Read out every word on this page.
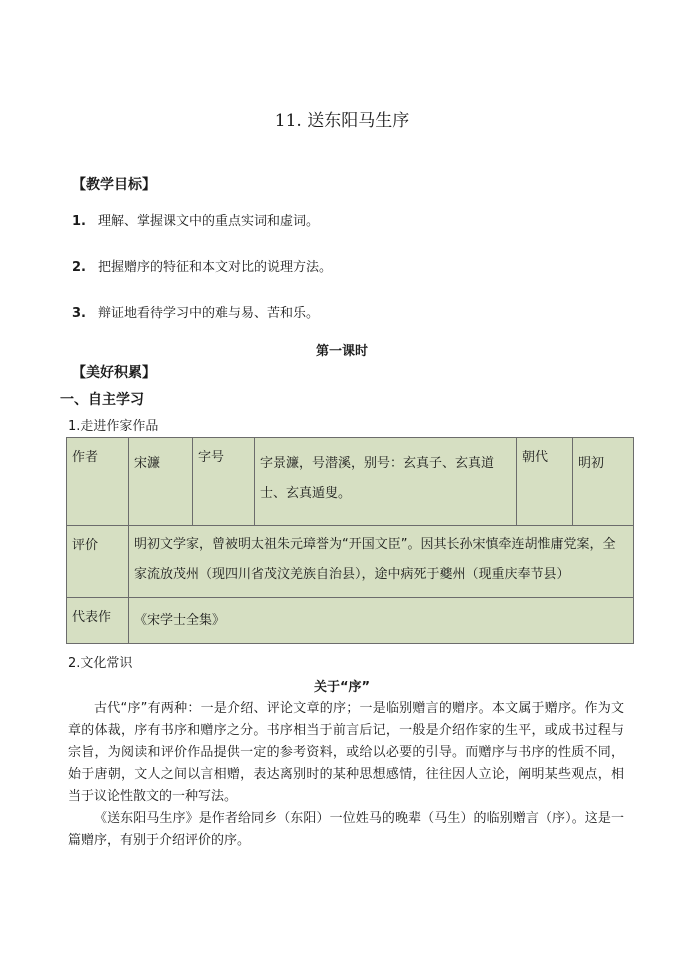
11. 送东阳马生序
【教学目标】
1. 理解、掌握课文中的重点实词和虚词。
2. 把握赠序的特征和本文对比的说理方法。
3. 辩证地看待学习中的难与易、苦和乐。
第一课时
【美好积累】
一、自主学习
1.走进作家作品
作者	宋濂	字号	字景濂，号潜溪，别号：玄真子、玄真道士、玄真遁叟。	朝代	明初
评价	明初文学家，曾被明太祖朱元璋誉为“开国文臣”。因其长孙宋慎牵连胡惟庸党案，全家流放茂州（现四川省茂汶羌族自治县），途中病死于夔州（现重庆奉节县）				
代表作	《宋学士全集》				
2.文化常识
关于“序”
古代“序”有两种：一是介绍、评论文章的序；一是临别赠言的赠序。本文属于赠序。作为文章的体裁，序有书序和赠序之分。书序相当于前言后记，一般是介绍作家的生平，或成书过程与宗旨，为阅读和评价作品提供一定的参考资料，或给以必要的引导。而赠序与书序的性质不同，始于唐朝，文人之间以言相赠，表达离别时的某种思想感情，往往因人立论，阐明某些观点，相当于议论性散文的一种写法。
《送东阳马生序》是作者给同乡（东阳）一位姓马的晚辈（马生）的临别赠言（序）。这是一篇赠序，有别于介绍评价的序。
